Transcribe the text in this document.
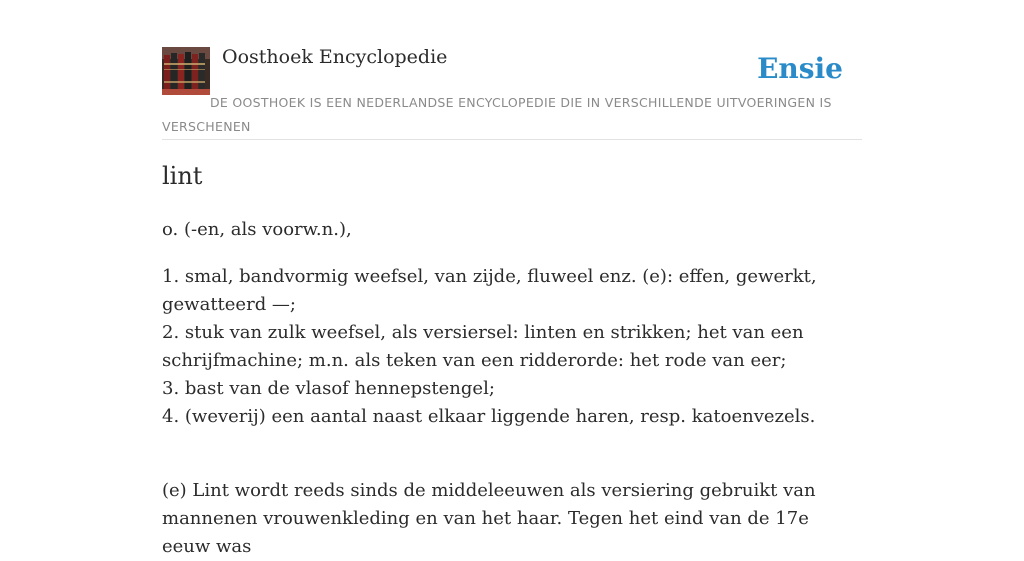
Oosthoek Encyclopedie	Ensie
DE OOSTHOEK IS EEN NEDERLANDSE ENCYCLOPEDIE DIE IN VERSCHILLENDE UITVOERINGEN IS VERSCHENEN
lint
o. (-en, als voorw.n.),
1. smal, bandvormig weefsel, van zijde, fluweel enz. (e): effen, gewerkt, gewatteerd —;
2. stuk van zulk weefsel, als versiersel: linten en strikken; het van een schrijfmachine; m.n. als teken van een ridderorde: het rode van eer;
3. bast van de vlasof hennepstengel;
4. (weverij) een aantal naast elkaar liggende haren, resp. katoenvezels.

(e) Lint wordt reeds sinds de middeleeuwen als versiering gebruikt van mannenen vrouwenkleding en van het haar. Tegen het eind van de 17e eeuw was
